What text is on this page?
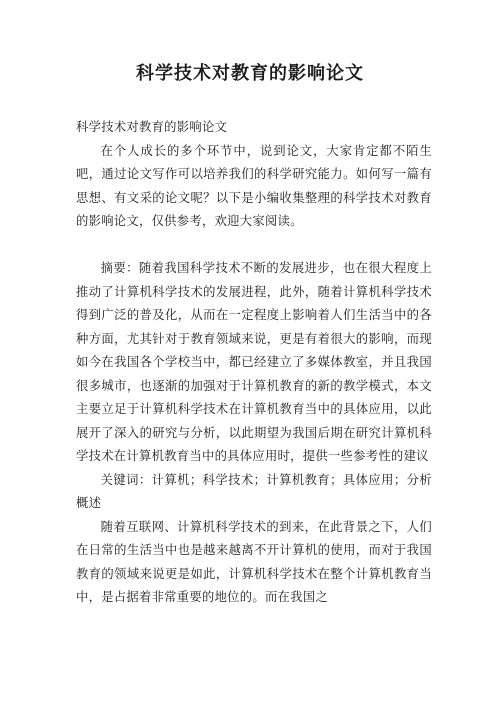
科学技术对教育的影响论文

科学技术对教育的影响论文

在个人成长的多个环节中，说到论文，大家肯定都不陌生吧，通过论文写作可以培养我们的科学研究能力。如何写一篇有思想、有文采的论文呢？以下是小编收集整理的科学技术对教育的影响论文，仅供参考，欢迎大家阅读。

摘要：随着我国科学技术不断的发展进步，也在很大程度上推动了计算机科学技术的发展进程，此外，随着计算机科学技术得到广泛的普及化，从而在一定程度上影响着人们生活当中的各种方面，尤其针对于教育领域来说，更是有着很大的影响，而现如今在我国各个学校当中，都已经建立了多媒体教室，并且我国很多城市，也逐渐的加强对于计算机教育的新的教学模式，本文主要立足于计算机科学技术在计算机教育当中的具体应用，以此展开了深入的研究与分析，以此期望为我国后期在研究计算机科学技术在计算机教育当中的具体应用时，提供一些参考性的建议

关键词：计算机；科学技术；计算机教育；具体应用；分析概述

随着互联网、计算机科学技术的到来，在此背景之下，人们在日常的生活当中也是越来越离不开计算机的使用，而对于我国教育的领域来说更是如此，计算机科学技术在整个计算机教育当中，是占据着非常重要的地位的。而在我国之
